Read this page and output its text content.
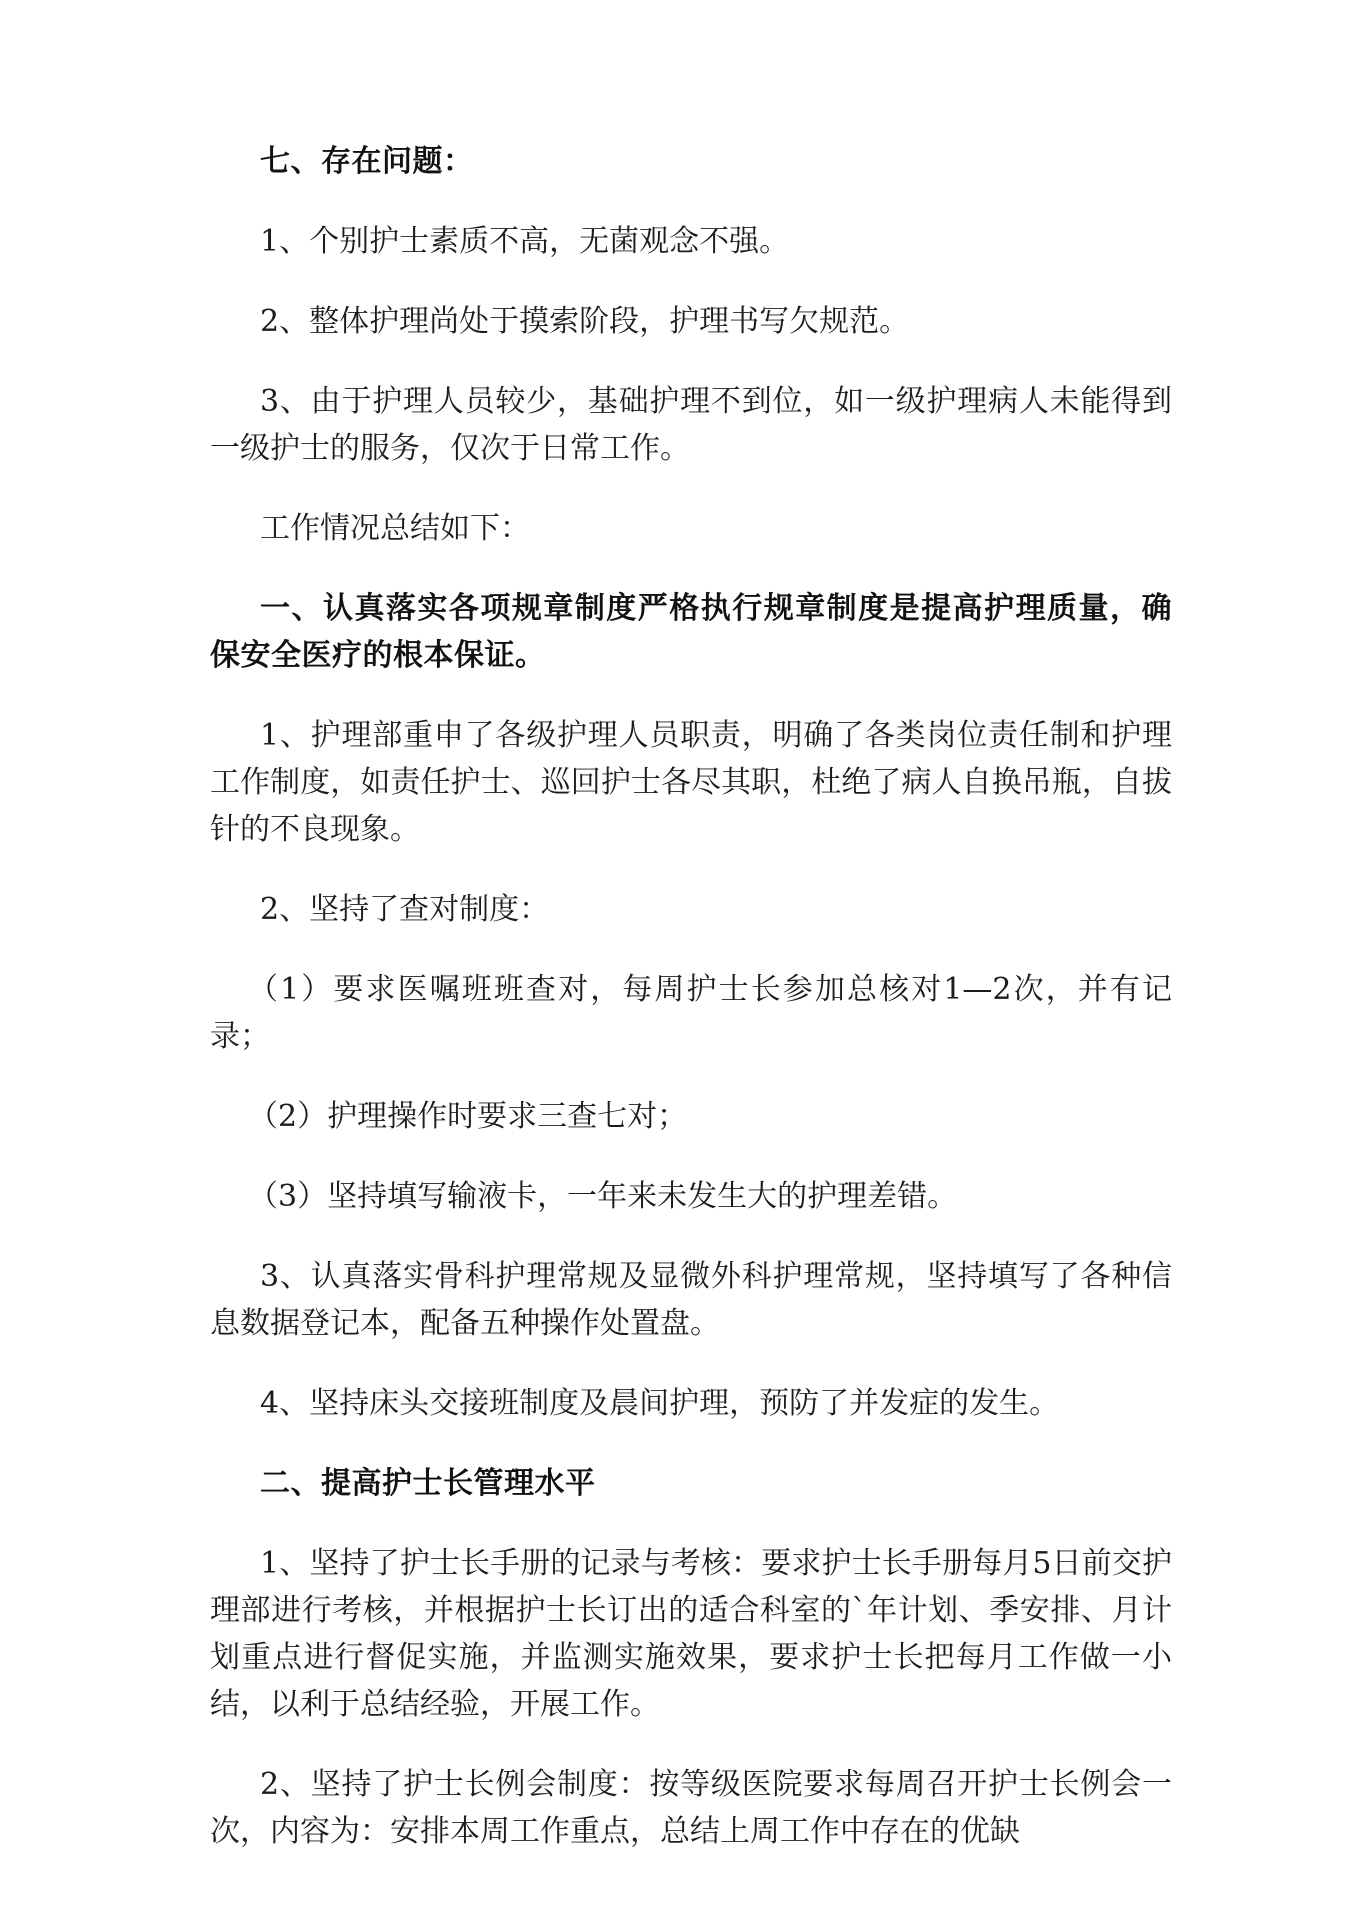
七、存在问题：

1、个别护士素质不高，无菌观念不强。

2、整体护理尚处于摸索阶段，护理书写欠规范。

3、由于护理人员较少，基础护理不到位，如一级护理病人未能得到一级护士的服务，仅次于日常工作。

工作情况总结如下：

一、认真落实各项规章制度严格执行规章制度是提高护理质量，确保安全医疗的根本保证。

1、护理部重申了各级护理人员职责，明确了各类岗位责任制和护理工作制度，如责任护士、巡回护士各尽其职，杜绝了病人自换吊瓶，自拔针的不良现象。

2、坚持了查对制度：

（1）要求医嘱班班查对，每周护士长参加总核对1—2次，并有记录；

（2）护理操作时要求三查七对；

（3）坚持填写输液卡，一年来未发生大的护理差错。

3、认真落实骨科护理常规及显微外科护理常规，坚持填写了各种信息数据登记本，配备五种操作处置盘。

4、坚持床头交接班制度及晨间护理，预防了并发症的发生。

二、提高护士长管理水平

1、坚持了护士长手册的记录与考核：要求护士长手册每月5日前交护理部进行考核，并根据护士长订出的适合科室的`年计划、季安排、月计划重点进行督促实施，并监测实施效果，要求护士长把每月工作做一小结，以利于总结经验，开展工作。

2、坚持了护士长例会制度：按等级医院要求每周召开护士长例会一次，内容为：安排本周工作重点，总结上周工作中存在的优缺
